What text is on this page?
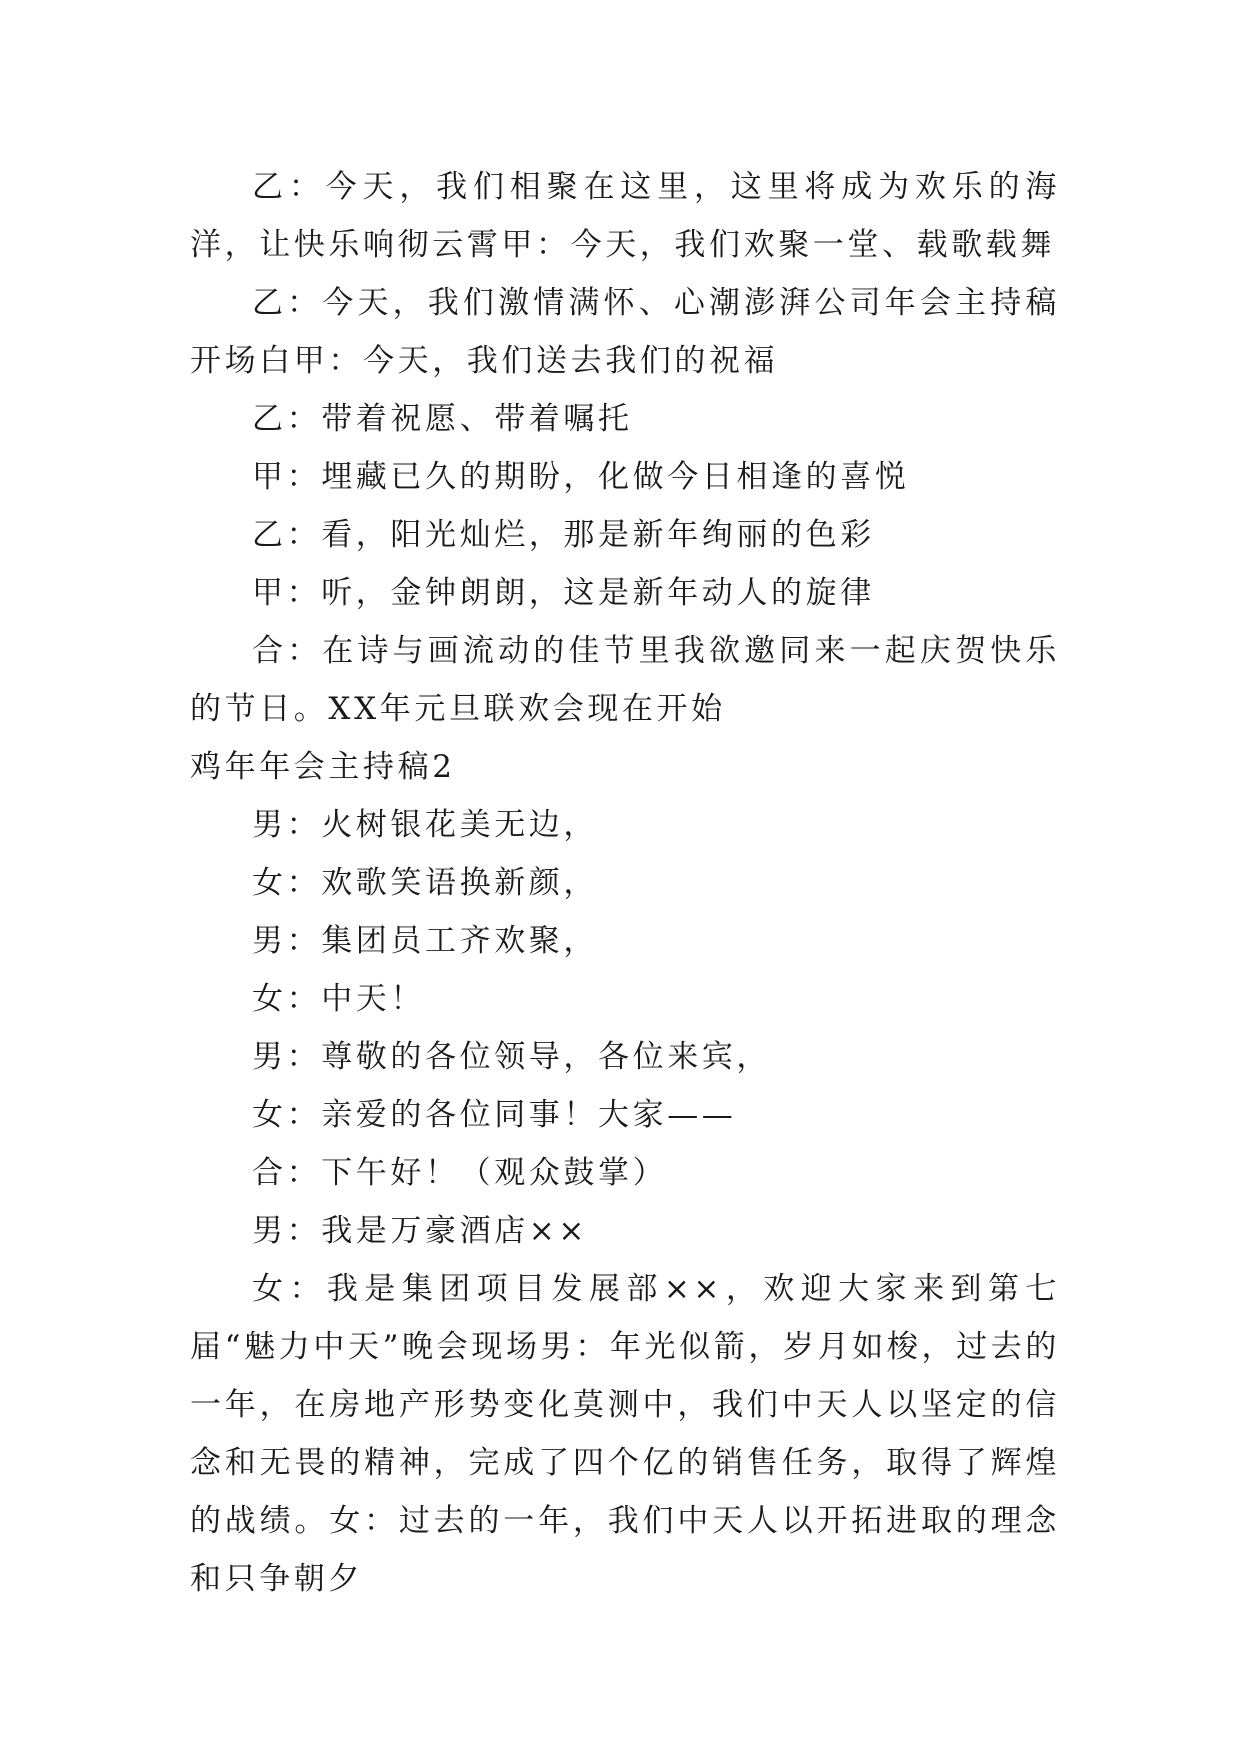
乙：今天，我们相聚在这里，这里将成为欢乐的海洋，让快乐响彻云霄甲：今天，我们欢聚一堂、载歌载舞

乙：今天，我们激情满怀、心潮澎湃公司年会主持稿开场白甲：今天，我们送去我们的祝福

乙：带着祝愿、带着嘱托

甲：埋藏已久的期盼，化做今日相逢的喜悦

乙：看，阳光灿烂，那是新年绚丽的色彩

甲：听，金钟朗朗，这是新年动人的旋律

合：在诗与画流动的佳节里我欲邀同来一起庆贺快乐的节日。XX年元旦联欢会现在开始

鸡年年会主持稿2

男：火树银花美无边，

女：欢歌笑语换新颜，

男：集团员工齐欢聚，

女：中天！

男：尊敬的各位领导，各位来宾，

女：亲爱的各位同事！大家——

合：下午好！（观众鼓掌）

男：我是万豪酒店××

女：我是集团项目发展部××，欢迎大家来到第七届“魅力中天”晚会现场男：年光似箭，岁月如梭，过去的一年，在房地产形势变化莫测中，我们中天人以坚定的信念和无畏的精神，完成了四个亿的销售任务，取得了辉煌的战绩。女：过去的一年，我们中天人以开拓进取的理念和只争朝夕
